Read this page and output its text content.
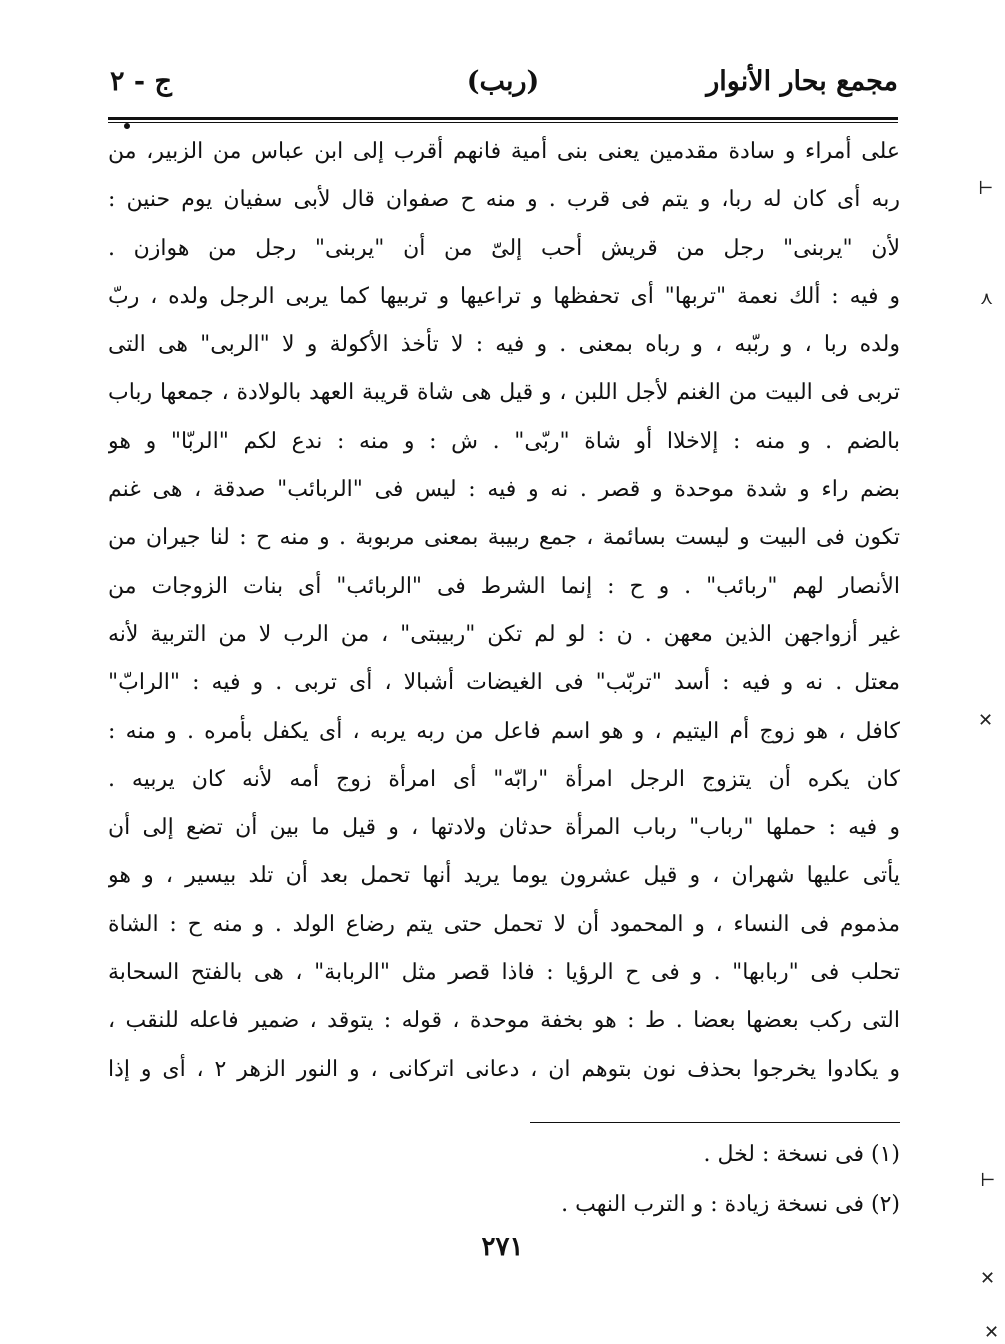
مجمع بحار الأنوار
(ربب)
ج - ٢
على أمراء و سادة مقدمين يعنى بنى أمية فانهم أقرب إلى ابن عباس من الزبير، من
ربه أى كان له ربا، و يتم فى قرب . و منه ح صفوان قال لأبى سفيان يوم حنين :
لأن "يربنى" رجل من قريش أحب إلىّ من أن "يربنى" رجل من هوازن .
و فيه : ألك نعمة "تربها" أى تحفظها و تراعيها و تربيها كما يربى الرجل ولده ، ربّ
ولده ربا ، و ربّبه ، و رباه بمعنى . و فيه : لا تأخذ الأكولة و لا "الربى" هى التى
تربى فى البيت من الغنم لأجل اللبن ، و قيل هى شاة قريبة العهد بالولادة ، جمعها رباب
بالضم . و منه : إلاخلاا أو شاة "ربّى" . ش : و منه : ندع لكم "الربّا" و هو
بضم راء و شدة موحدة و قصر . نه و فيه : ليس فى "الربائب" صدقة ، هى غنم
تكون فى البيت و ليست بسائمة ، جمع ربيبة بمعنى مربوبة . و منه ح : لنا جيران من
الأنصار لهم "ربائب" . و ح : إنما الشرط فى "الربائب" أى بنات الزوجات من
غير أزواجهن الذين معهن . ن : لو لم تكن "ربيبتى" ، من الرب لا من التربية لأنه
معتل . نه و فيه : أسد "تربّب" فى الغيضات أشبالا ، أى تربى . و فيه : "الرابّ"
كافل ، هو زوج أم اليتيم ، و هو اسم فاعل من ربه يربه ، أى يكفل بأمره . و منه :
كان يكره أن يتزوج الرجل امرأة "رابّه" أى امرأة زوج أمه لأنه كان يربيه .
و فيه : حملها "رباب" رباب المرأة حدثان ولادتها ، و قيل ما بين أن تضع إلى أن
يأتى عليها شهران ، و قيل عشرون يوما يريد أنها تحمل بعد أن تلد بيسير ، و هو
مذموم فى النساء ، و المحمود أن لا تحمل حتى يتم رضاع الولد . و منه ح : الشاة
تحلب فى "ربابها" . و فى ح الرؤيا : فاذا قصر مثل "الربابة" ، هى بالفتح السحابة
التى ركب بعضها بعضا . ط : هو بخفة موحدة ، قوله : يتوقد ، ضمير فاعله للنقب ،
و يكادوا يخرجوا بحذف نون بتوهم ان ، دعانى اتركانى ، و النور الزهر ٢ ، أى و إذا
(١) فى نسخة : لخل .
(٢) فى نسخة زيادة : و الترب النهب .
٢٧١
⊢
⋏
✕
⊢
✕
✕
